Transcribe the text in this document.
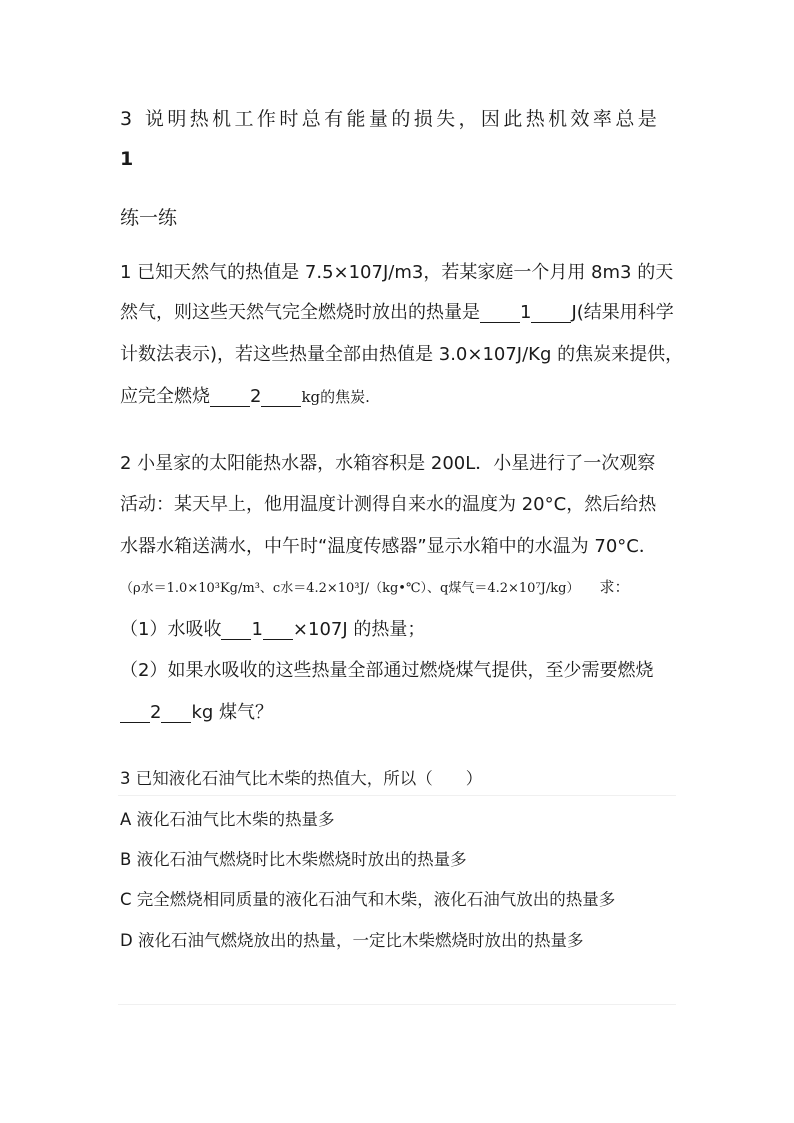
3 说明热机工作时总有能量的损失，因此热机效率总是
1
练一练
1 已知天然气的热值是 7.5×107J/m3，若某家庭一个月用 8m3 的天
然气，则这些天然气完全燃烧时放出的热量是 1 J(结果用科学
计数法表示)，若这些热量全部由热值是 3.0×107J/Kg 的焦炭来提供，
应完全燃烧 2	kg的焦炭.
2 小星家的太阳能热水器，水箱容积是 200L．小星进行了一次观察
活动：某天早上，他用温度计测得自来水的温度为 20°C，然后给热
水器水箱送满水，中午时“温度传感器”显示水箱中的水温为 70°C．
（ρ水＝1.0×10³Kg/m³、c水＝4.2×10³J/（kg•℃）、q煤气＝4.2×10⁷J/kg） 求：
（1）水吸收 1 ×107J 的热量；
（2）如果水吸收的这些热量全部通过燃烧煤气提供，至少需要燃烧
2 kg 煤气？
3 已知液化石油气比木柴的热值大，所以（　　）
A 液化石油气比木柴的热量多
B 液化石油气燃烧时比木柴燃烧时放出的热量多
C 完全燃烧相同质量的液化石油气和木柴，液化石油气放出的热量多
D 液化石油气燃烧放出的热量，一定比木柴燃烧时放出的热量多
